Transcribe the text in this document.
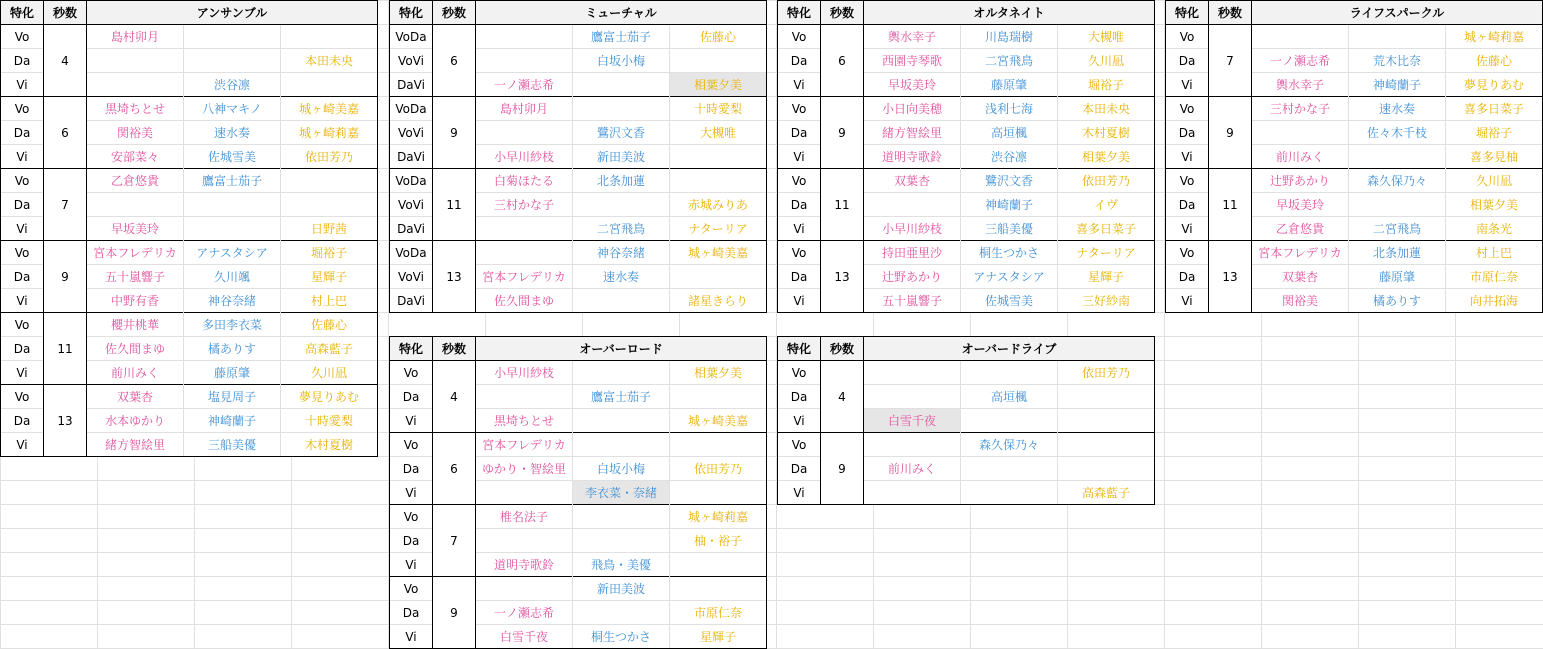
特化	秒数	アンサンブル		
Vo	4	島村卯月		
Da				本田未央
Vi			渋谷凛	
Vo	6	黒埼ちとせ	八神マキノ	城ヶ崎美嘉
Da		関裕美	速水奏	城ヶ崎莉嘉
Vi		安部菜々	佐城雪美	依田芳乃
Vo	7	乙倉悠貴	鷹富士茄子	
Da				
Vi		早坂美玲		日野茜
Vo	9	宮本フレデリカ	アナスタシア	堀裕子
Da		五十嵐響子	久川颯	星輝子
Vi		中野有香	神谷奈緒	村上巴
Vo	11	櫻井桃華	多田李衣菜	佐藤心
Da		佐久間まゆ	橘ありす	高森藍子
Vi		前川みく	藤原肇	久川凪
Vo	13	双葉杏	塩見周子	夢見りあむ
Da		水本ゆかり	神崎蘭子	十時愛梨
Vi		緒方智絵里	三船美優	木村夏樹
特化	秒数	ミューチャル		
VoDa	6		鷹富士茄子	佐藤心
VoVi			白坂小梅	
DaVi		一ノ瀬志希		相葉夕美
VoDa	9	島村卯月		十時愛梨
VoVi			鷺沢文香	大槻唯
DaVi		小早川紗枝	新田美波	
VoDa	11	白菊ほたる	北条加蓮	
VoVi		三村かな子		赤城みりあ
DaVi			二宮飛鳥	ナターリア
VoDa	13		神谷奈緒	城ヶ崎美嘉
VoVi		宮本フレデリカ	速水奏	
DaVi		佐久間まゆ		諸星きらり
特化	秒数	オルタネイト		
Vo	6	輿水幸子	川島瑞樹	大槻唯
Da		西園寺琴歌	二宮飛鳥	久川凪
Vi		早坂美玲	藤原肇	堀裕子
Vo	9	小日向美穂	浅利七海	本田未央
Da		緒方智絵里	高垣楓	木村夏樹
Vi		道明寺歌鈴	渋谷凛	相葉夕美
Vo	11	双葉杏	鷺沢文香	依田芳乃
Da			神崎蘭子	イヴ
Vi		小早川紗枝	三船美優	喜多日菜子
Vo	13	持田亜里沙	桐生つかさ	ナターリア
Da		辻野あかり	アナスタシア	星輝子
Vi		五十嵐響子	佐城雪美	三好紗南
特化	秒数	ライフスパークル		
Vo	7			城ヶ崎莉嘉
Da		一ノ瀬志希	荒木比奈	佐藤心
Vi		輿水幸子	神崎蘭子	夢見りあむ
Vo	9	三村かな子	速水奏	喜多日菜子
Da			佐々木千枝	堀裕子
Vi		前川みく		喜多見柚
Vo	11	辻野あかり	森久保乃々	久川凪
Da		早坂美玲		相葉夕美
Vi		乙倉悠貴	二宮飛鳥	南条光
Vo	13	宮本フレデリカ	北条加蓮	村上巴
Da		双葉杏	藤原肇	市原仁奈
Vi		関裕美	橘ありす	向井拓海
特化	秒数	オーバーロード		
Vo	4	小早川紗枝		相葉夕美
Da			鷹富士茄子	
Vi		黒埼ちとせ		城ヶ崎美嘉
Vo	6	宮本フレデリカ		
Da		ゆかり・智絵里	白坂小梅	依田芳乃
Vi			李衣菜・奈緒	
Vo	7	椎名法子		城ヶ崎莉嘉
Da				柚・裕子
Vi		道明寺歌鈴	飛鳥・美優	
Vo	9		新田美波	
Da		一ノ瀬志希		市原仁奈
Vi		白雪千夜	桐生つかさ	星輝子
特化	秒数	オーバードライブ		
Vo	4			依田芳乃
Da			高垣楓	
Vi		白雪千夜		
Vo	9		森久保乃々	
Da		前川みく		
Vi				高森藍子
